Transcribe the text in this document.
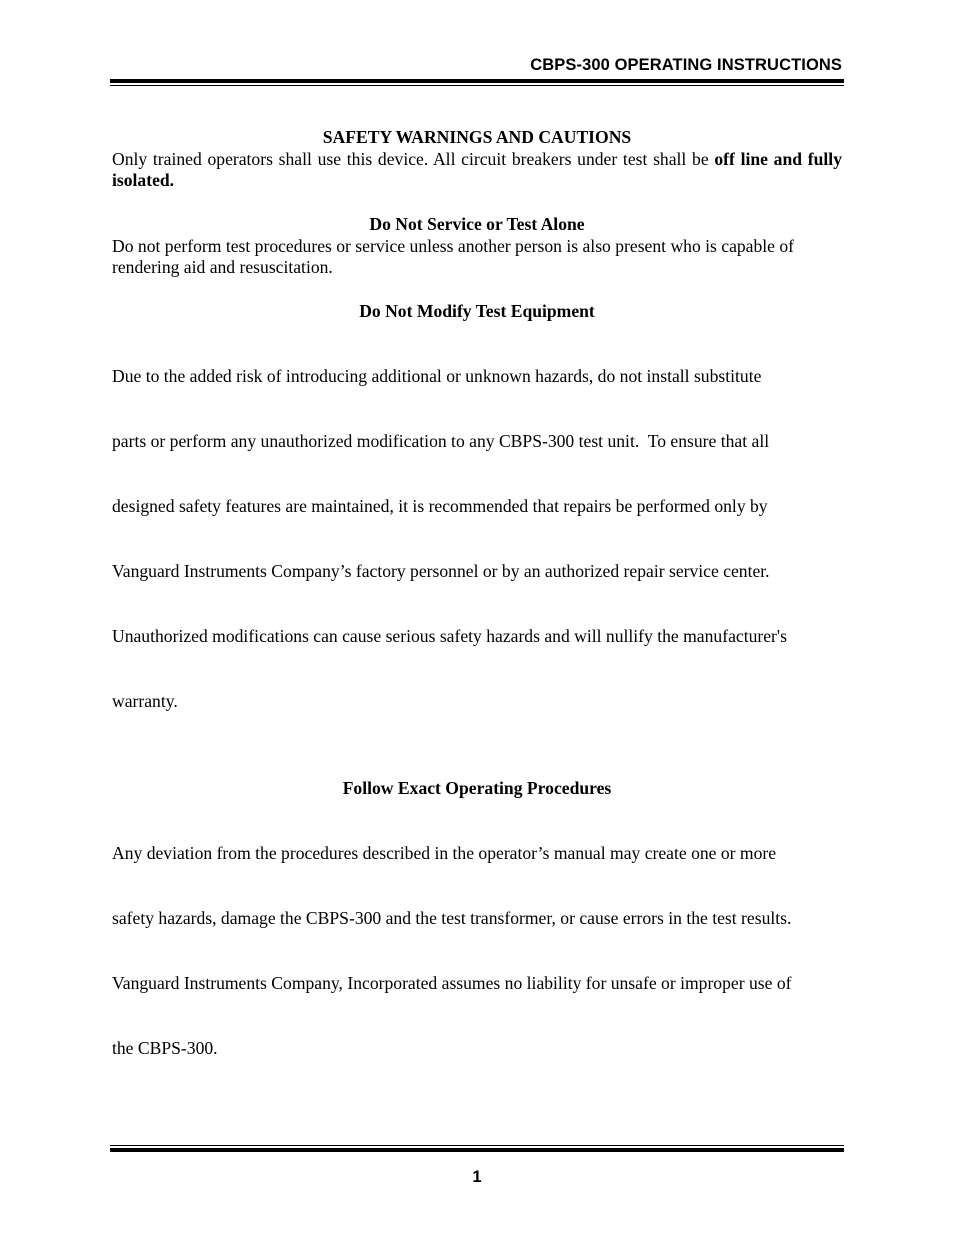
CBPS-300 OPERATING INSTRUCTIONS

SAFETY WARNINGS AND CAUTIONS

Only trained operators shall use this device. All circuit breakers under test shall be off line and fully isolated.

Do Not Service or Test Alone

Do not perform test procedures or service unless another person is also present who is capable of rendering aid and resuscitation.

Do Not Modify Test Equipment

Due to the added risk of introducing additional or unknown hazards, do not install substitute

parts or perform any unauthorized modification to any CBPS-300 test unit.  To ensure that all

designed safety features are maintained, it is recommended that repairs be performed only by

Vanguard Instruments Company’s factory personnel or by an authorized repair service center.

Unauthorized modifications can cause serious safety hazards and will nullify the manufacturer's

warranty.

Follow Exact Operating Procedures

Any deviation from the procedures described in the operator’s manual may create one or more

safety hazards, damage the CBPS-300 and the test transformer, or cause errors in the test results.

Vanguard Instruments Company, Incorporated assumes no liability for unsafe or improper use of

the CBPS-300.

1
